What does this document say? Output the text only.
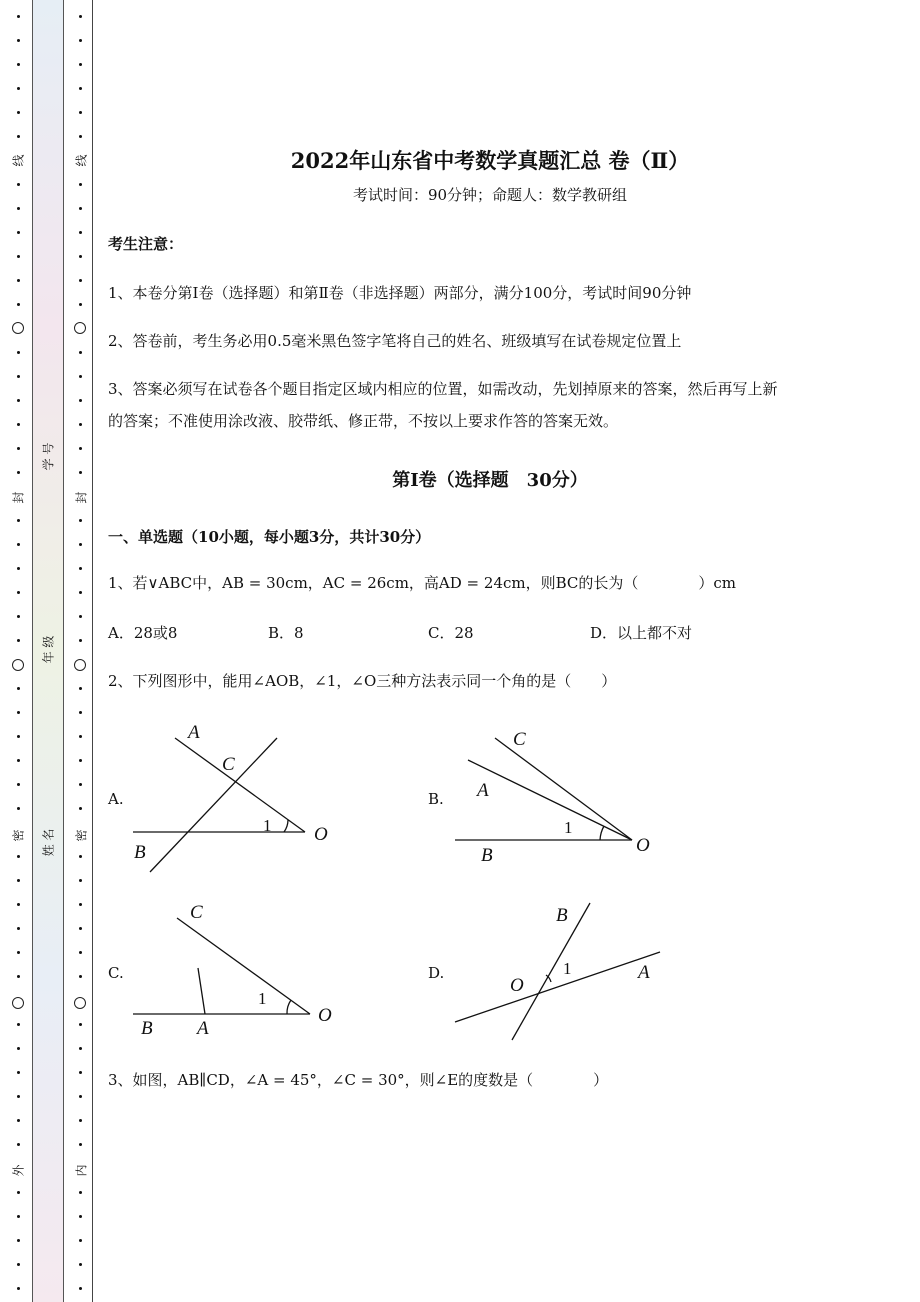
线
封
密
外
线
封
密
内
学 号
年 级
姓 名
2022年山东省中考数学真题汇总 卷（Ⅱ）
考试时间：90分钟；命题人：数学教研组
考生注意：
1、本卷分第I卷（选择题）和第Ⅱ卷（非选择题）两部分，满分100分，考试时间90分钟
2、答卷前，考生务必用0.5毫米黑色签字笔将自己的姓名、班级填写在试卷规定位置上
3、答案必须写在试卷各个题目指定区域内相应的位置，如需改动，先划掉原来的答案，然后再写上新
的答案；不准使用涂改液、胶带纸、修正带，不按以上要求作答的答案无效。
第I卷（选择题　30分）
一、单选题（10小题，每小题3分，共计30分）
1、若∨ABC中，AB = 30cm，AC = 26cm，高AD = 24cm，则BC的长为（　　　　）cm
A．28或8	B．8	C．28	D．以上都不对
2、下列图形中，能用∠AOB，∠1，∠O三种方法表示同一个角的是（　　）
A.	B.
C.	D.
A
C
1 O
B
C
A
1
O
B
C
1
O
B A
B
1
O
A
3、如图，AB∥CD，∠A = 45°，∠C = 30°，则∠E的度数是（　　　　）
